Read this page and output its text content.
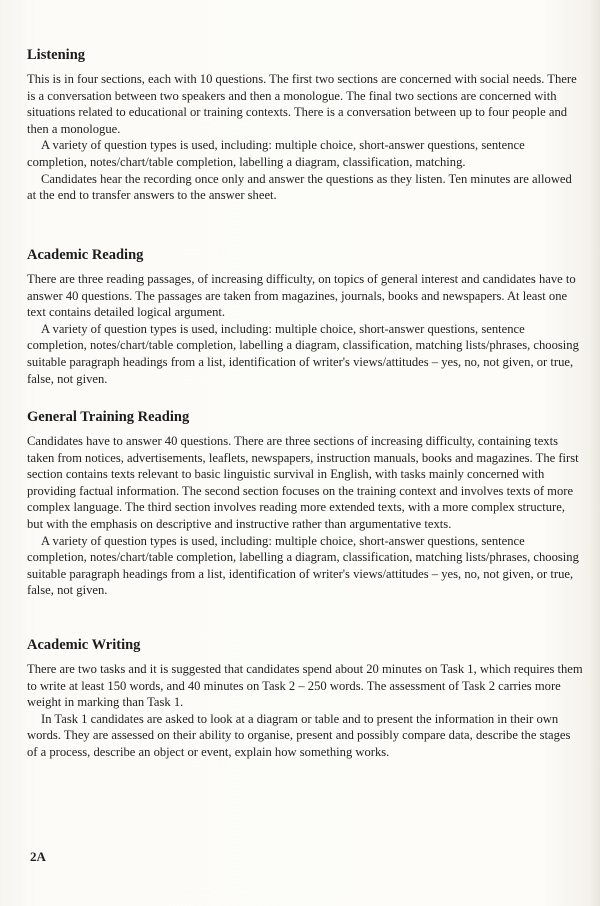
Listening

This is in four sections, each with 10 questions. The first two sections are concerned with social needs. There is a conversation between two speakers and then a monologue. The final two sections are concerned with situations related to educational or training contexts. There is a conversation between up to four people and then a monologue.

A variety of question types is used, including: multiple choice, short-answer questions, sentence completion, notes/chart/table completion, labelling a diagram, classification, matching.

Candidates hear the recording once only and answer the questions as they listen. Ten minutes are allowed at the end to transfer answers to the answer sheet.

Academic Reading

There are three reading passages, of increasing difficulty, on topics of general interest and candidates have to answer 40 questions. The passages are taken from magazines, journals, books and newspapers. At least one text contains detailed logical argument.

A variety of question types is used, including: multiple choice, short-answer questions, sentence completion, notes/chart/table completion, labelling a diagram, classification, matching lists/phrases, choosing suitable paragraph headings from a list, identification of writer's views/attitudes – yes, no, not given, or true, false, not given.

General Training Reading

Candidates have to answer 40 questions. There are three sections of increasing difficulty, containing texts taken from notices, advertisements, leaflets, newspapers, instruction manuals, books and magazines. The first section contains texts relevant to basic linguistic survival in English, with tasks mainly concerned with providing factual information. The second section focuses on the training context and involves texts of more complex language. The third section involves reading more extended texts, with a more complex structure, but with the emphasis on descriptive and instructive rather than argumentative texts.

A variety of question types is used, including: multiple choice, short-answer questions, sentence completion, notes/chart/table completion, labelling a diagram, classification, matching lists/phrases, choosing suitable paragraph headings from a list, identification of writer's views/attitudes – yes, no, not given, or true, false, not given.

Academic Writing

There are two tasks and it is suggested that candidates spend about 20 minutes on Task 1, which requires them to write at least 150 words, and 40 minutes on Task 2 – 250 words. The assessment of Task 2 carries more weight in marking than Task 1.

In Task 1 candidates are asked to look at a diagram or table and to present the information in their own words. They are assessed on their ability to organise, present and possibly compare data, describe the stages of a process, describe an object or event, explain how something works.

2A
